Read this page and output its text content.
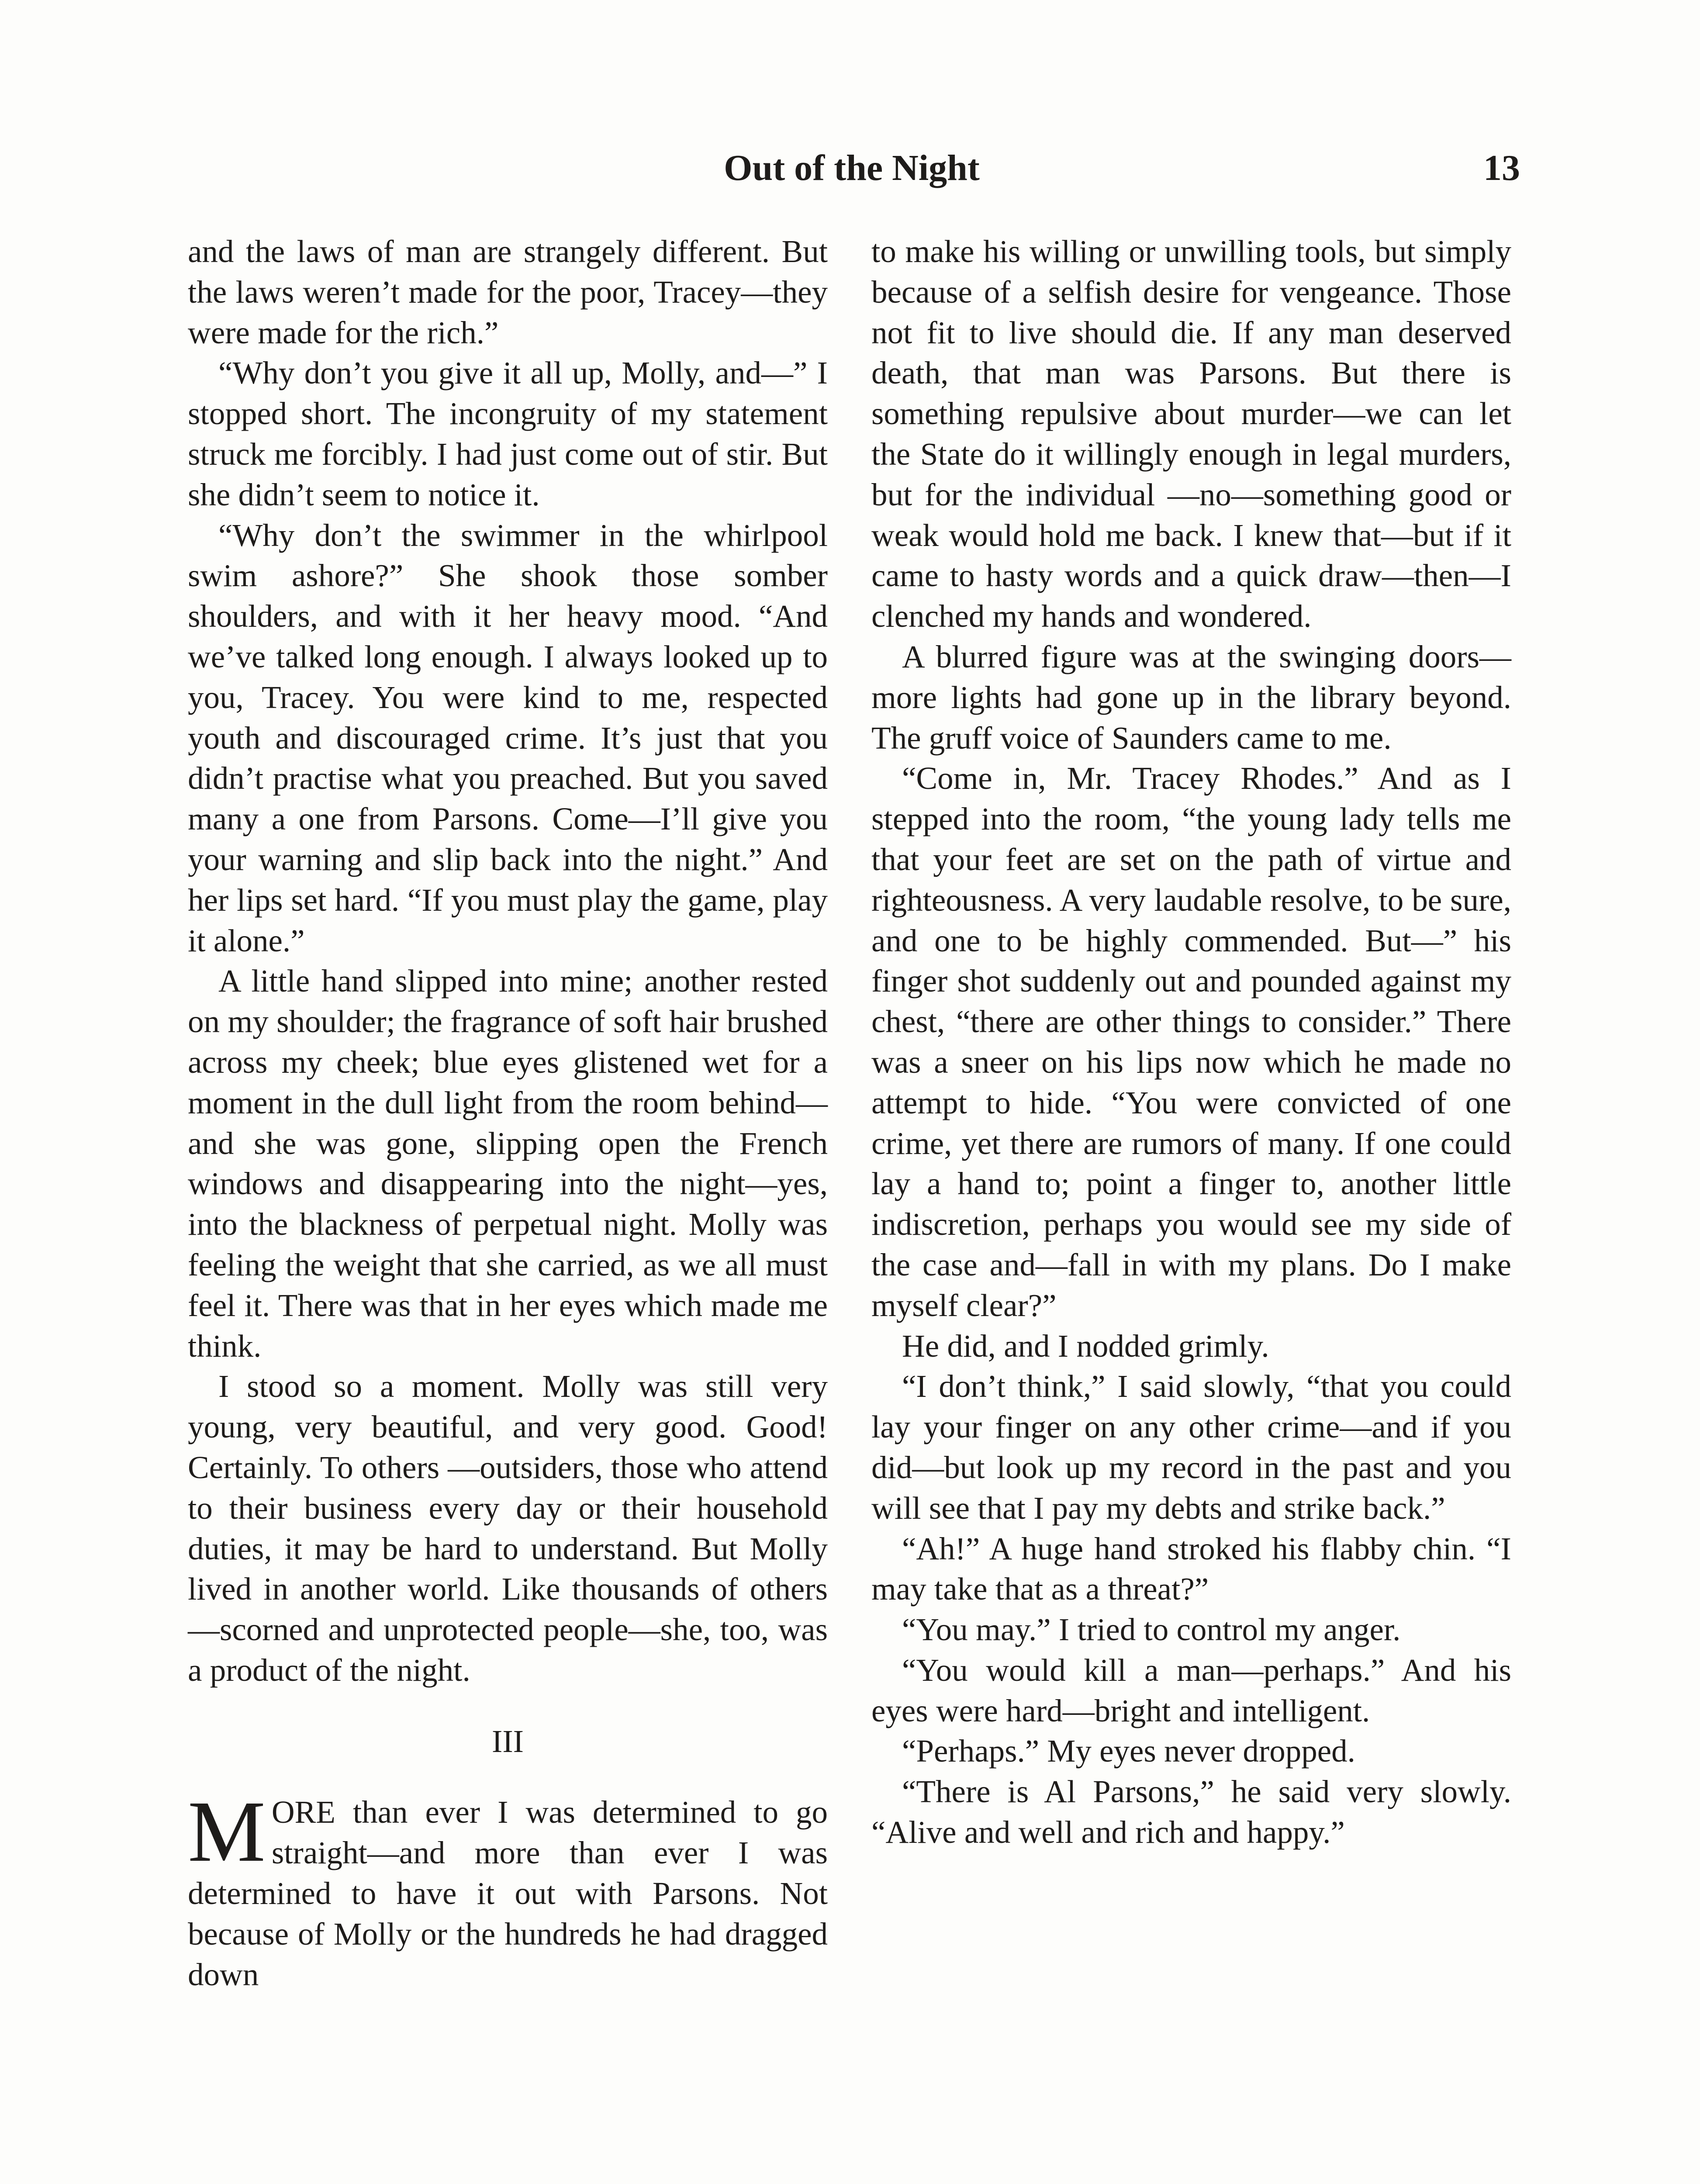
Out of the Night	13

and the laws of man are strangely different. But the laws weren’t made for the poor, Tracey—they were made for the rich.”

“Why don’t you give it all up, Molly, and—” I stopped short. The incongruity of my statement struck me forcibly. I had just come out of stir. But she didn’t seem to notice it.

“Why don’t the swimmer in the whirlpool swim ashore?” She shook those somber shoulders, and with it her heavy mood. “And we’ve talked long enough. I always looked up to you, Tracey. You were kind to me, respected youth and discouraged crime. It’s just that you didn’t practise what you preached. But you saved many a one from Parsons. Come—I’ll give you your warning and slip back into the night.” And her lips set hard. “If you must play the game, play it alone.”

A little hand slipped into mine; another rested on my shoulder; the fragrance of soft hair brushed across my cheek; blue eyes glistened wet for a moment in the dull light from the room behind—and she was gone, slipping open the French windows and disappearing into the night—yes, into the blackness of perpetual night. Molly was feeling the weight that she carried, as we all must feel it. There was that in her eyes which made me think.

I stood so a moment. Molly was still very young, very beautiful, and very good. Good! Certainly. To others —outsiders, those who attend to their business every day or their household duties, it may be hard to understand. But Molly lived in another world. Like thousands of others—scorned and unprotected people—she, too, was a product of the night.

III

MORE than ever I was determined to go straight—and more than ever I was determined to have it out with Parsons. Not because of Molly or the hundreds he had dragged down

to make his willing or unwilling tools, but simply because of a selfish desire for vengeance. Those not fit to live should die. If any man deserved death, that man was Parsons. But there is something repulsive about murder—we can let the State do it willingly enough in legal murders, but for the individual —no—something good or weak would hold me back. I knew that—but if it came to hasty words and a quick draw—then—I clenched my hands and wondered.

A blurred figure was at the swinging doors—more lights had gone up in the library beyond. The gruff voice of Saunders came to me.

“Come in, Mr. Tracey Rhodes.” And as I stepped into the room, “the young lady tells me that your feet are set on the path of virtue and righteousness. A very laudable resolve, to be sure, and one to be highly commended. But—” his finger shot suddenly out and pounded against my chest, “there are other things to consider.” There was a sneer on his lips now which he made no attempt to hide. “You were convicted of one crime, yet there are rumors of many. If one could lay a hand to; point a finger to, another little indiscretion, perhaps you would see my side of the case and—fall in with my plans. Do I make myself clear?”

He did, and I nodded grimly.

“I don’t think,” I said slowly, “that you could lay your finger on any other crime—and if you did—but look up my record in the past and you will see that I pay my debts and strike back.”

“Ah!” A huge hand stroked his flabby chin. “I may take that as a threat?”

“You may.” I tried to control my anger.

“You would kill a man—perhaps.” And his eyes were hard—bright and intelligent.

“Perhaps.” My eyes never dropped.

“There is Al Parsons,” he said very slowly. “Alive and well and rich and happy.”
